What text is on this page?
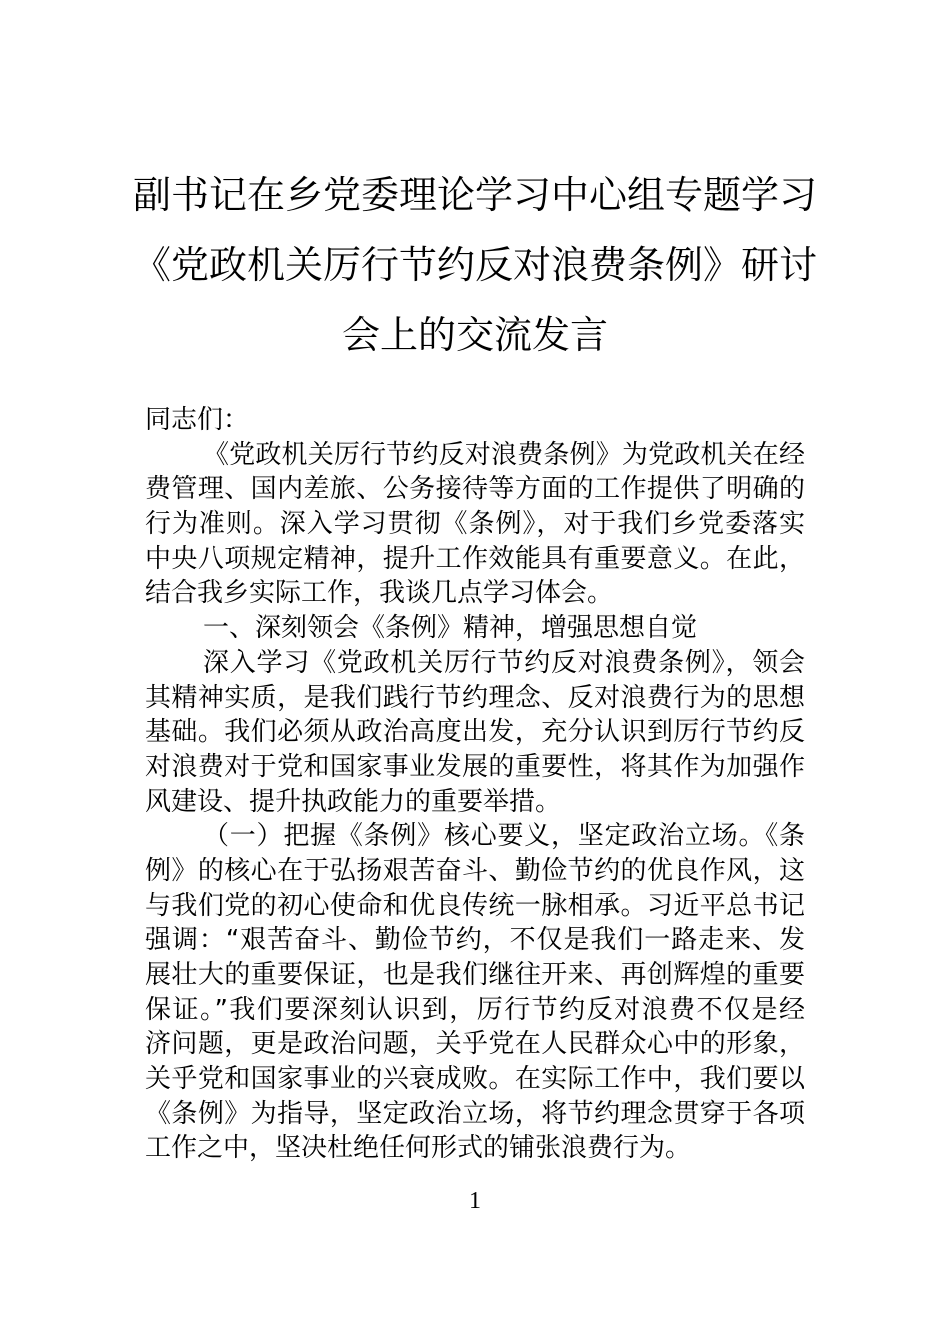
副书记在乡党委理论学习中心组专题学习
《党政机关厉行节约反对浪费条例》研讨
会上的交流发言
同志们：
《党政机关厉行节约反对浪费条例》为党政机关在经
费管理、国内差旅、公务接待等方面的工作提供了明确的
行为准则。深入学习贯彻《条例》，对于我们乡党委落实
中央八项规定精神，提升工作效能具有重要意义。在此，
结合我乡实际工作，我谈几点学习体会。
一、深刻领会《条例》精神，增强思想自觉
深入学习《党政机关厉行节约反对浪费条例》，领会
其精神实质，是我们践行节约理念、反对浪费行为的思想
基础。我们必须从政治高度出发，充分认识到厉行节约反
对浪费对于党和国家事业发展的重要性，将其作为加强作
风建设、提升执政能力的重要举措。
（一）把握《条例》核心要义，坚定政治立场。《条
例》的核心在于弘扬艰苦奋斗、勤俭节约的优良作风，这
与我们党的初心使命和优良传统一脉相承。习近平总书记
强调：“艰苦奋斗、勤俭节约，不仅是我们一路走来、发
展壮大的重要保证，也是我们继往开来、再创辉煌的重要
保证。”我们要深刻认识到，厉行节约反对浪费不仅是经
济问题，更是政治问题，关乎党在人民群众心中的形象，
关乎党和国家事业的兴衰成败。在实际工作中，我们要以
《条例》为指导，坚定政治立场，将节约理念贯穿于各项
工作之中，坚决杜绝任何形式的铺张浪费行为。
1
